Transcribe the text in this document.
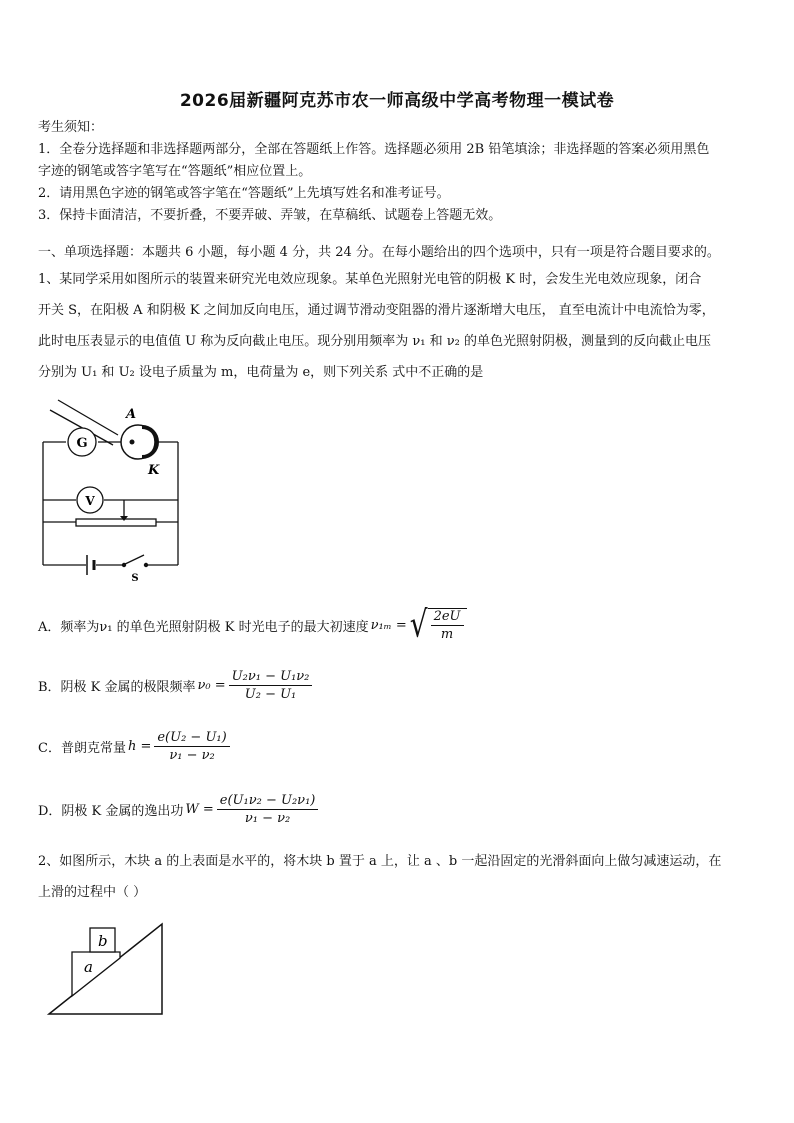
2026届新疆阿克苏市农一师高级中学高考物理一模试卷
考生须知：
1．全卷分选择题和非选择题两部分，全部在答题纸上作答。选择题必须用 2B 铅笔填涂；非选择题的答案必须用黑色
字迹的钢笔或答字笔写在“答题纸”相应位置上。
2．请用黑色字迹的钢笔或答字笔在“答题纸”上先填写姓名和准考证号。
3．保持卡面清洁，不要折叠，不要弄破、弄皱，在草稿纸、试题卷上答题无效。
一、单项选择题：本题共 6 小题，每小题 4 分，共 24 分。在每小题给出的四个选项中，只有一项是符合题目要求的。
1、某同学采用如图所示的装置来研究光电效应现象。某单色光照射光电管的阴极 K 时，会发生光电效应现象，闭合
开关 S，在阳极 A 和阴极 K 之间加反向电压，通过调节滑动变阻器的滑片逐渐增大电压， 直至电流计中电流恰为零，
此时电压表显示的电值值 U 称为反向截止电压。现分别用频率为 ν₁ 和 ν₂ 的单色光照射阴极，测量到的反向截止电压
分别为 U₁ 和 U₂ 设电子质量为 m，电荷量为 e，则下列关系 式中不正确的是
G
A
K
V
S
A．频率为ν₁ 的单色光照射阴极 K 时光电子的最大初速度 ν₁ₘ = √ $\frac{2eU}{m}$
B．阴极 K 金属的极限频率 $\nu_0 = \frac{\text{U₂ν₁ − U₁ν₂}}{\text{U₂ − U₁}}$
C．普朗克常量 $h = \frac{\text{e(U₂ − U₁)}}{\text{ν₁ − ν₂}}$
D．阴极 K 金属的逸出功 $W = \frac{\text{e(U₁ν₂ − U₂ν₁)}}{\text{ν₁ − ν₂}}$
2、如图所示，木块 a 的上表面是水平的，将木块 b 置于 a 上，让 a 、b 一起沿固定的光滑斜面向上做匀减速运动，在
上滑的过程中（ ）
a
b
